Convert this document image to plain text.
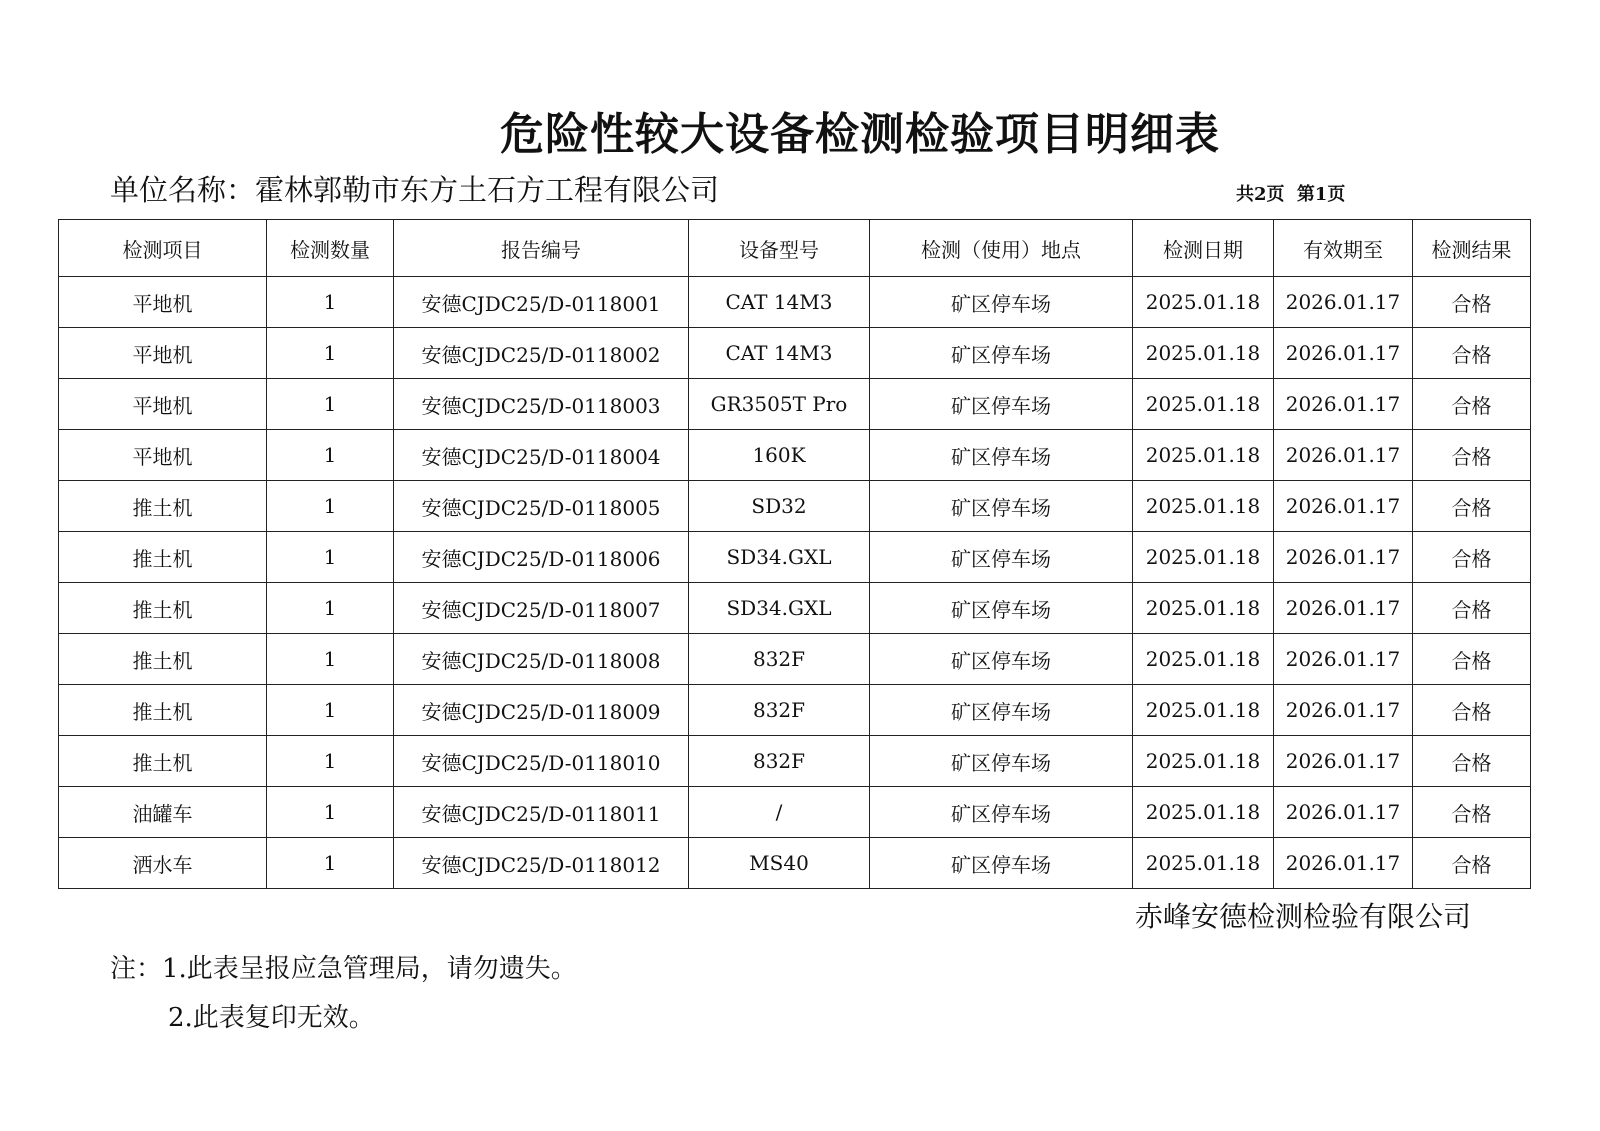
危险性较大设备检测检验项目明细表
单位名称：霍林郭勒市东方土石方工程有限公司	共2页 第1页
检测项目	检测数量	报告编号	设备型号	检测（使用）地点	检测日期	有效期至	检测结果
平地机	1	安德CJDC25/D-0118001	CAT 14M3	矿区停车场	2025.01.18	2026.01.17	合格
平地机	1	安德CJDC25/D-0118002	CAT 14M3	矿区停车场	2025.01.18	2026.01.17	合格
平地机	1	安德CJDC25/D-0118003	GR3505T Pro	矿区停车场	2025.01.18	2026.01.17	合格
平地机	1	安德CJDC25/D-0118004	160K	矿区停车场	2025.01.18	2026.01.17	合格
推土机	1	安德CJDC25/D-0118005	SD32	矿区停车场	2025.01.18	2026.01.17	合格
推土机	1	安德CJDC25/D-0118006	SD34.GXL	矿区停车场	2025.01.18	2026.01.17	合格
推土机	1	安德CJDC25/D-0118007	SD34.GXL	矿区停车场	2025.01.18	2026.01.17	合格
推土机	1	安德CJDC25/D-0118008	832F	矿区停车场	2025.01.18	2026.01.17	合格
推土机	1	安德CJDC25/D-0118009	832F	矿区停车场	2025.01.18	2026.01.17	合格
推土机	1	安德CJDC25/D-0118010	832F	矿区停车场	2025.01.18	2026.01.17	合格
油罐车	1	安德CJDC25/D-0118011	/	矿区停车场	2025.01.18	2026.01.17	合格
洒水车	1	安德CJDC25/D-0118012	MS40	矿区停车场	2025.01.18	2026.01.17	合格
赤峰安德检测检验有限公司
注：1.此表呈报应急管理局，请勿遗失。
2.此表复印无效。
